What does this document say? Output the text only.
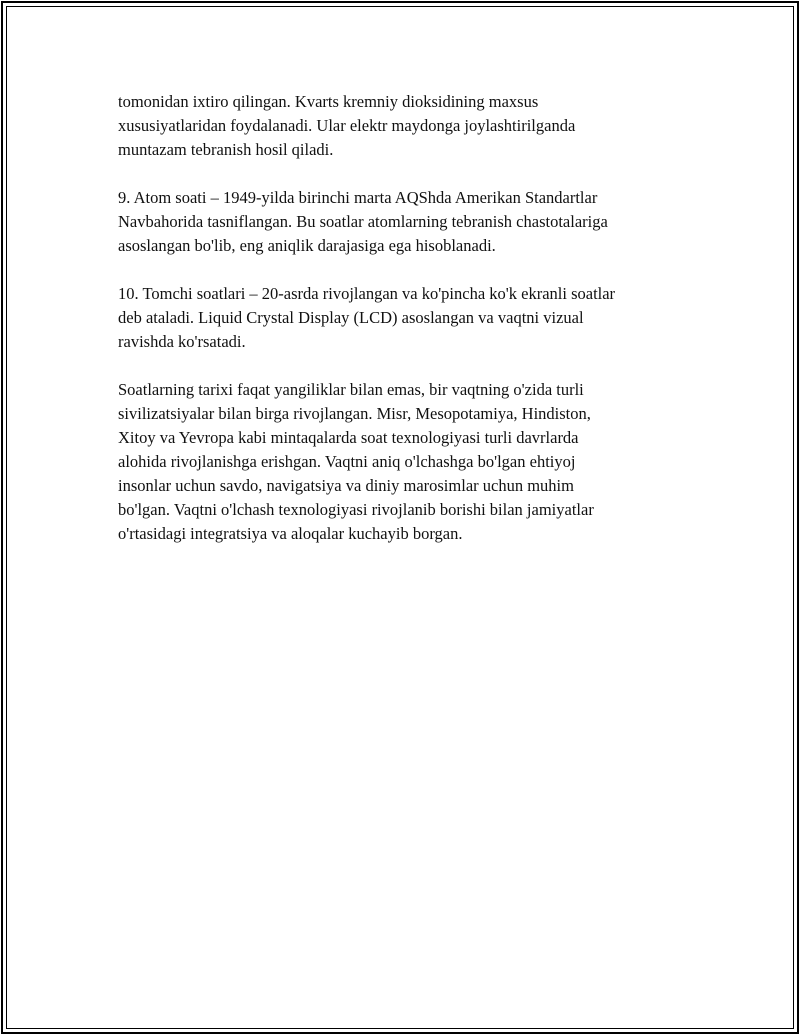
tomonidan ixtiro qilingan. Kvarts kremniy dioksidining maxsus
xususiyatlaridan foydalanadi. Ular elektr maydonga joylashtirilganda
muntazam tebranish hosil qiladi.

9. Atom soati – 1949-yilda birinchi marta AQShda Amerikan Standartlar
Navbahorida tasniflangan. Bu soatlar atomlarning tebranish chastotalariga
asoslangan bo'lib, eng aniqlik darajasiga ega hisoblanadi.

10. Tomchi soatlari – 20-asrda rivojlangan va ko'pincha ko'k ekranli soatlar
deb ataladi. Liquid Crystal Display (LCD) asoslangan va vaqtni vizual
ravishda ko'rsatadi.

Soatlarning tarixi faqat yangiliklar bilan emas, bir vaqtning o'zida turli
sivilizatsiyalar bilan birga rivojlangan. Misr, Mesopotamiya, Hindiston,
Xitoy va Yevropa kabi mintaqalarda soat texnologiyasi turli davrlarda
alohida rivojlanishga erishgan. Vaqtni aniq o'lchashga bo'lgan ehtiyoj
insonlar uchun savdo, navigatsiya va diniy marosimlar uchun muhim
bo'lgan. Vaqtni o'lchash texnologiyasi rivojlanib borishi bilan jamiyatlar
o'rtasidagi integratsiya va aloqalar kuchayib borgan.
